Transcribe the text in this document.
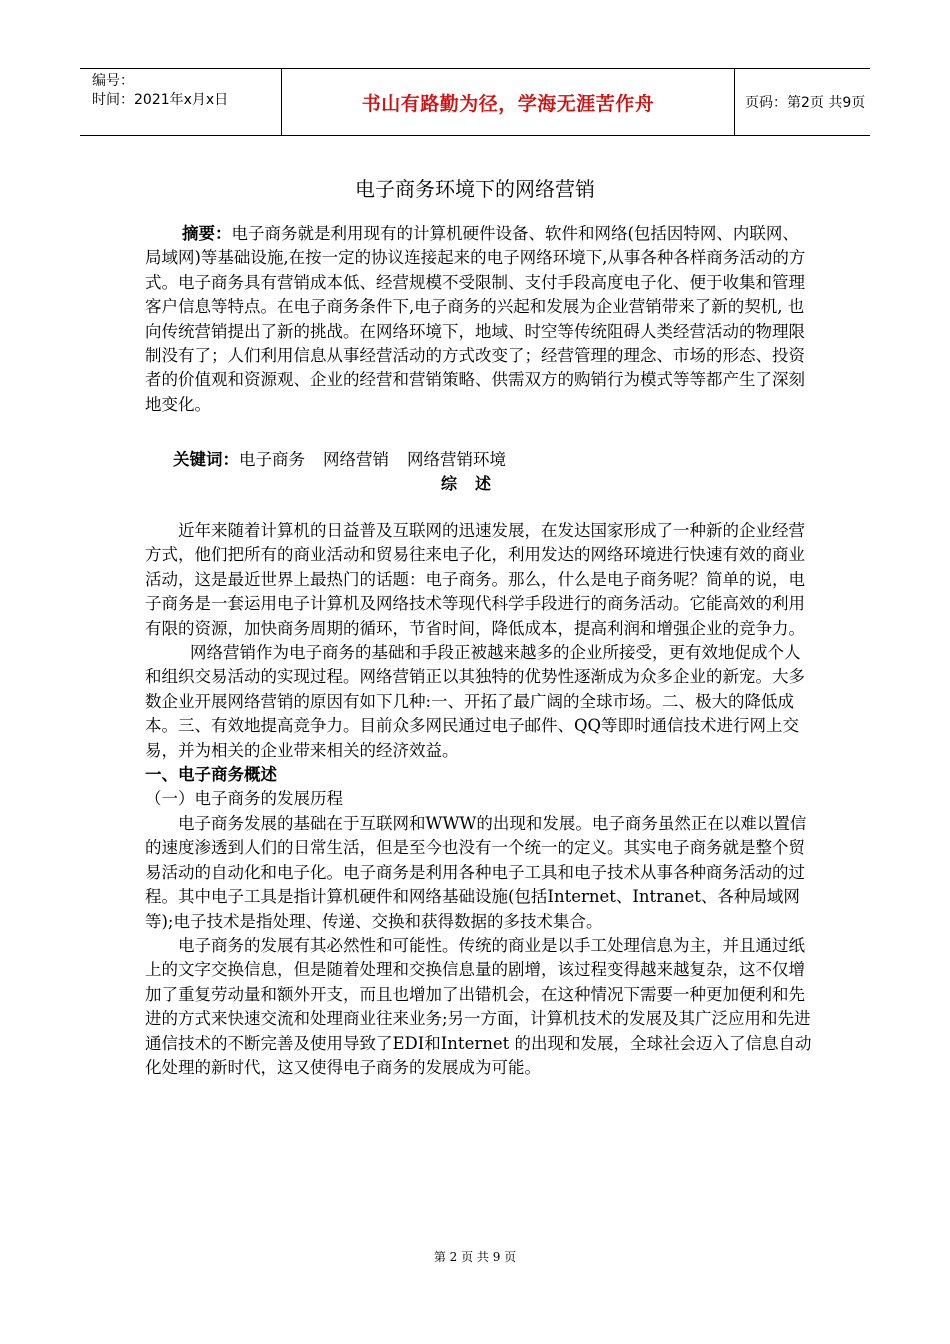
编号：
时间：2021年x月x日	书山有路勤为径，学海无涯苦作舟	页码：第2页 共9页
电子商务环境下的网络营销

摘要：电子商务就是利用现有的计算机硬件设备、软件和网络(包括因特网、内联网、局域网)等基础设施,在按一定的协议连接起来的电子网络环境下,从事各种各样商务活动的方式。电子商务具有营销成本低、经营规模不受限制、支付手段高度电子化、便于收集和管理客户信息等特点。在电子商务条件下,电子商务的兴起和发展为企业营销带来了新的契机, 也向传统营销提出了新的挑战。在网络环境下，地域、时空等传统阻碍人类经营活动的物理限制没有了；人们利用信息从事经营活动的方式改变了；经营管理的理念、市场的形态、投资者的价值观和资源观、企业的经营和营销策略、供需双方的购销行为模式等等都产生了深刻地变化。

关键词：电子商务 网络营销 网络营销环境
综述

近年来随着计算机的日益普及互联网的迅速发展，在发达国家形成了一种新的企业经营方式，他们把所有的商业活动和贸易往来电子化，利用发达的网络环境进行快速有效的商业活动，这是最近世界上最热门的话题：电子商务。那么，什么是电子商务呢？简单的说，电子商务是一套运用电子计算机及网络技术等现代科学手段进行的商务活动。它能高效的利用有限的资源，加快商务周期的循环，节省时间，降低成本，提高利润和增强企业的竞争力。

网络营销作为电子商务的基础和手段正被越来越多的企业所接受，更有效地促成个人和组织交易活动的实现过程。网络营销正以其独特的优势性逐渐成为众多企业的新宠。大多数企业开展网络营销的原因有如下几种:一、开拓了最广阔的全球市场。二、极大的降低成本。三、有效地提高竞争力。目前众多网民通过电子邮件、QQ等即时通信技术进行网上交易，并为相关的企业带来相关的经济效益。

一、电子商务概述

（一）电子商务的发展历程

电子商务发展的基础在于互联网和WWW的出现和发展。电子商务虽然正在以难以置信的速度渗透到人们的日常生活，但是至今也没有一个统一的定义。其实电子商务就是整个贸易活动的自动化和电子化。电子商务是利用各种电子工具和电子技术从事各种商务活动的过程。其中电子工具是指计算机硬件和网络基础设施(包括Internet、Intranet、各种局域网等);电子技术是指处理、传递、交换和获得数据的多技术集合。

电子商务的发展有其必然性和可能性。传统的商业是以手工处理信息为主，并且通过纸上的文字交换信息，但是随着处理和交换信息量的剧增，该过程变得越来越复杂，这不仅增加了重复劳动量和额外开支，而且也增加了出错机会，在这种情况下需要一种更加便利和先进的方式来快速交流和处理商业往来业务;另一方面，计算机技术的发展及其广泛应用和先进通信技术的不断完善及使用导致了EDI和Internet 的出现和发展，全球社会迈入了信息自动化处理的新时代，这又使得电子商务的发展成为可能。

第 2 页 共 9 页
